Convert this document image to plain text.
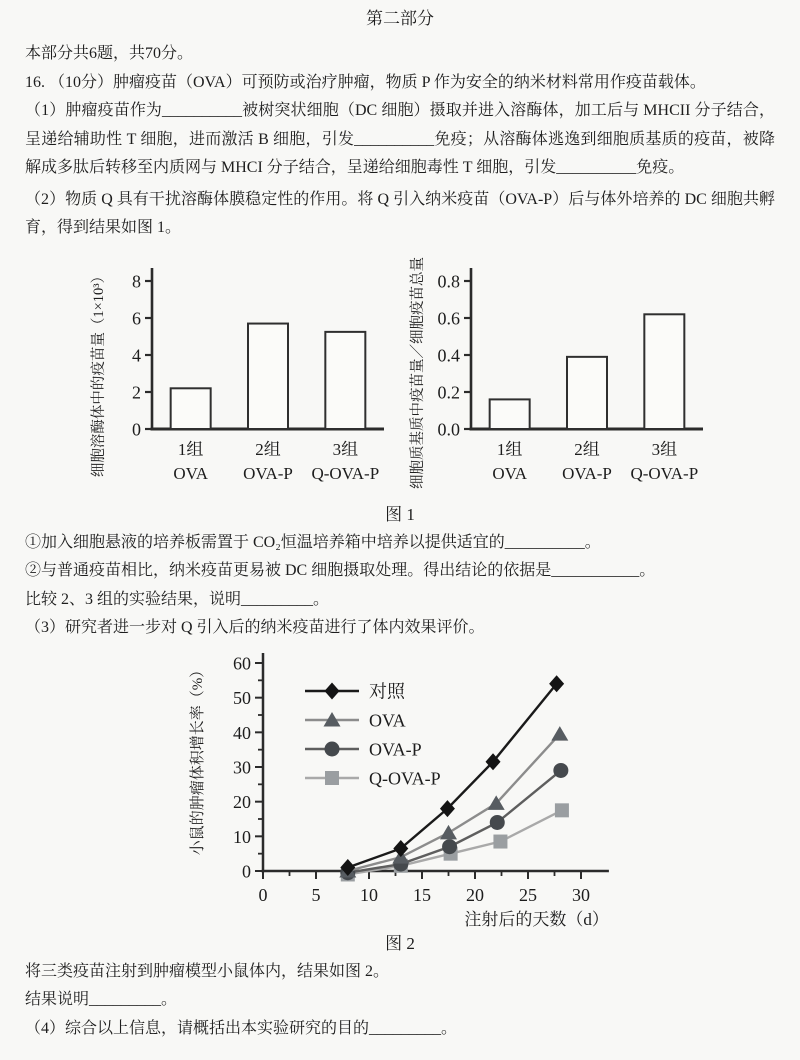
第二部分

本部分共6题，共70分。

16. （10分）肿瘤疫苗（OVA）可预防或治疗肿瘤，物质 P 作为安全的纳米材料常用作疫苗载体。

（1）肿瘤疫苗作为__________被树突状细胞（DC 细胞）摄取并进入溶酶体，加工后与 MHCII 分子结合，呈递给辅助性 T 细胞，进而激活 B 细胞，引发__________免疫；从溶酶体逃逸到细胞质基质的疫苗，被降解成多肽后转移至内质网与 MHCI 分子结合，呈递给细胞毒性 T 细胞，引发__________免疫。

（2）物质 Q 具有干扰溶酶体膜稳定性的作用。将 Q 引入纳米疫苗（OVA-P）后与体外培养的 DC 细胞共孵育，得到结果如图 1。

0
2
4
6
8
1组
OVA
2组
OVA-P
3组
Q-OVA-P
细胞溶酶体中的疫苗量（1×10³）	0.0
0.2
0.4
0.6
0.8
1组
OVA
2组
OVA-P
3组
Q-OVA-P
细胞质基质中疫苗量／细胞疫苗总量

图 1

①加入细胞悬液的培养板需置于 CO₂恒温培养箱中培养以提供适宜的__________。

②与普通疫苗相比，纳米疫苗更易被 DC 细胞摄取处理。得出结论的依据是___________。

比较 2、3 组的实验结果，说明_________。

（3）研究者进一步对 Q 引入后的纳米疫苗进行了体内效果评价。

0
10
20
30
40
50
60
0 5 10 15 20 25 30
注射后的天数（d）
小鼠的肿瘤体积增长率（%）	对照
OVA
OVA-P
Q-OVA-P

图 2

将三类疫苗注射到肿瘤模型小鼠体内，结果如图 2。

结果说明_________。

（4）综合以上信息，请概括出本实验研究的目的_________。
